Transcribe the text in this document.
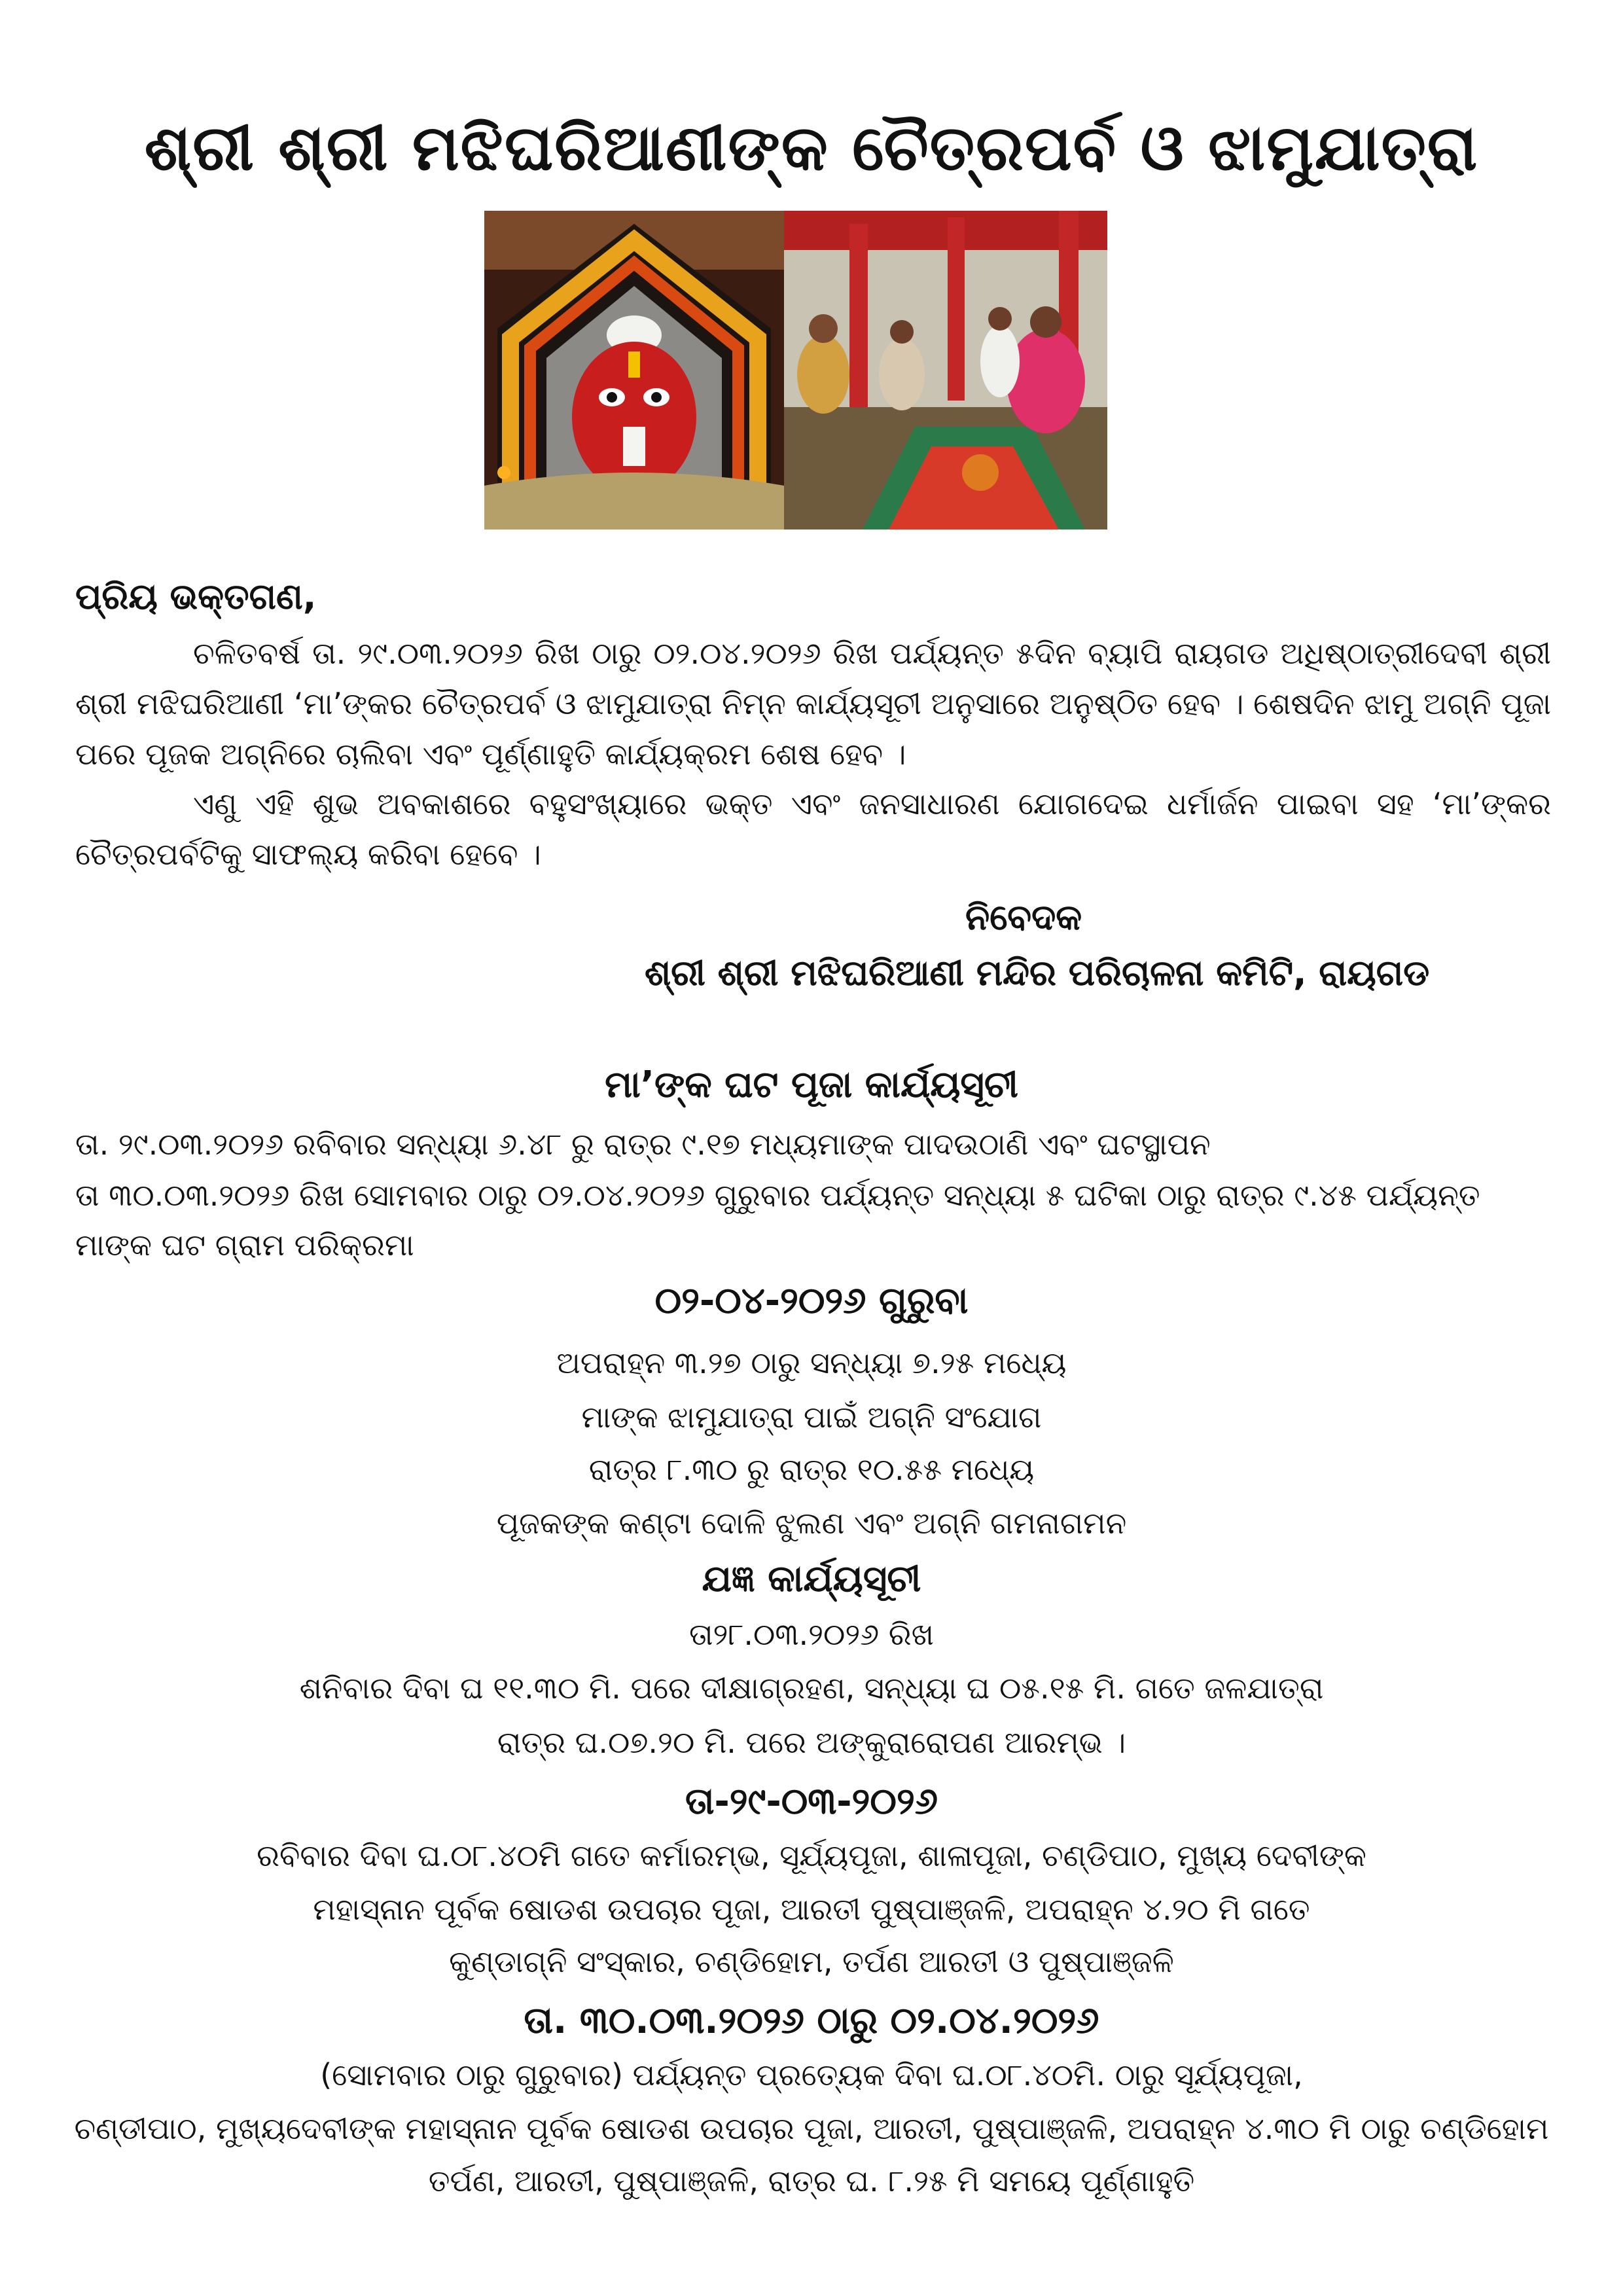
ଶ୍ରୀ ଶ୍ରୀ ମଝିଘରିଆଣୀଙ୍କ ଚୈତ୍ରପର୍ବ ଓ ଝାମୁଯାତ୍ରା
ପ୍ରିୟ ଭକ୍ତଗଣ,
ଚଳିତବର୍ଷ ତା. ୨୯.୦୩.୨୦୨୬ ରିଖ ଠାରୁ ୦୨.୦୪.୨୦୨୬ ରିଖ ପର୍ଯ୍ୟନ୍ତ ୫ଦିନ ବ୍ୟାପି ରାୟଗଡ ଅଧିଷ୍ଠାତ୍ରୀଦେବୀ ଶ୍ରୀ ଶ୍ରୀ ମଝିଘରିଆଣୀ ‘ମା’ଙ୍କର ଚୈତ୍ରପର୍ବ ଓ ଝାମୁଯାତ୍ରା ନିମ୍ନ କାର୍ଯ୍ୟସୂଚୀ ଅନୁସାରେ ଅନୁଷ୍ଠିତ ହେବ । ଶେଷଦିନ ଝାମୁ ଅଗ୍ନି ପୂଜା ପରେ ପୂଜକ ଅଗ୍ନିରେ ଚାଲିବା ଏବଂ ପୂର୍ଣ୍ଣାହୁତି କାର୍ଯ୍ୟକ୍ରମ ଶେଷ ହେବ ।
ଏଣୁ ଏହି ଶୁଭ ଅବକାଶରେ ବହୁସଂଖ୍ୟାରେ ଭକ୍ତ ଏବଂ ଜନସାଧାରଣ ଯୋଗଦେଇ ଧର୍ମାର୍ଜନ ପାଇବା ସହ ‘ମା’ଙ୍କର ଚୈତ୍ରପର୍ବଟିକୁ ସାଫଲ୍ୟ କରିବା ହେବେ ।
ନିବେଦକ
ଶ୍ରୀ ଶ୍ରୀ ମଝିଘରିଆଣୀ ମନ୍ଦିର ପରିଚାଳନା କମିଟି, ରାୟଗଡ
ମା’ଙ୍କ ଘଟ ପୂଜା କାର୍ଯ୍ୟସୂଚୀ
ତା. ୨୯.୦୩.୨୦୨୬ ରବିବାର ସନ୍ଧ୍ୟା ୬.୪୮ ରୁ ରାତ୍ର ୯.୧୭ ମଧ୍ୟମାଙ୍କ ପାଦଉଠାଣି ଏବଂ ଘଟସ୍ଥାପନ
ତା ୩୦.୦୩.୨୦୨୬ ରିଖ ସୋମବାର ଠାରୁ ୦୨.୦୪.୨୦୨୬ ଗୁରୁବାର ପର୍ଯ୍ୟନ୍ତ ସନ୍ଧ୍ୟା ୫ ଘଟିକା ଠାରୁ ରାତ୍ର ୯.୪୫ ପର୍ଯ୍ୟନ୍ତ
ମାଙ୍କ ଘଟ ଗ୍ରାମ ପରିକ୍ରମା
୦୨-୦୪-୨୦୨୬ ଗୁରୁବା
ଅପରାହ୍ନ ୩.୨୭ ଠାରୁ ସନ୍ଧ୍ୟା ୭.୨୫ ମଧ୍ୟେ
ମାଙ୍କ ଝାମୁଯାତ୍ରା ପାଇଁ ଅଗ୍ନି ସଂଯୋଗ
ରାତ୍ର ୮.୩୦ ରୁ ରାତ୍ର ୧୦.୫୫ ମଧ୍ୟେ
ପୂଜକଙ୍କ କଣ୍ଟା ଦୋଳି ଝୁଲଣ ଏବଂ ଅଗ୍ନି ଗମନାଗମନ
ଯଜ୍ଞ କାର୍ଯ୍ୟସୂଚୀ
ତା୨୮.୦୩.୨୦୨୬ ରିଖ
ଶନିବାର ଦିବା ଘ ୧୧.୩୦ ମି. ପରେ ଦୀକ୍ଷାଗ୍ରହଣ, ସନ୍ଧ୍ୟା ଘ ୦୫.୧୫ ମି. ଗତେ ଜଳଯାତ୍ରା
ରାତ୍ର ଘ.୦୭.୨୦ ମି. ପରେ ଅଙ୍କୁରାରୋପଣ ଆରମ୍ଭ ।
ତା-୨୯-୦୩-୨୦୨୬
ରବିବାର ଦିବା ଘ.୦୮.୪୦ମି ଗତେ କର୍ମାରମ୍ଭ, ସୂର୍ଯ୍ୟପୂଜା, ଶାଳାପୂଜା, ଚଣ୍ଡିପାଠ, ମୁଖ୍ୟ ଦେବୀଙ୍କ
ମହାସ୍ନାନ ପୂର୍ବକ ଷୋଡଶ ଉପଚାର ପୂଜା, ଆରତୀ ପୁଷ୍ପାଞ୍ଜଳି, ଅପରାହ୍ନ ୪.୨୦ ମି ଗତେ
କୁଣ୍ଡାଗ୍ନି ସଂସ୍କାର, ଚଣ୍ଡିହୋମ, ତର୍ପଣ ଆରତୀ ଓ ପୁଷ୍ପାଞ୍ଜଳି
ତା. ୩୦.୦୩.୨୦୨୬ ଠାରୁ ୦୨.୦୪.୨୦୨୬
(ସୋମବାର ଠାରୁ ଗୁରୁବାର) ପର୍ଯ୍ୟନ୍ତ ପ୍ରତ୍ୟେକ ଦିବା ଘ.୦୮.୪୦ମି. ଠାରୁ ସୂର୍ଯ୍ୟପୂଜା,
ଚଣ୍ଡୀପାଠ, ମୁଖ୍ୟଦେବୀଙ୍କ ମହାସ୍ନାନ ପୂର୍ବକ ଷୋଡଶ ଉପଚାର ପୂଜା, ଆରତୀ, ପୁଷ୍ପାଞ୍ଜଳି, ଅପରାହ୍ନ ୪.୩୦ ମି ଠାରୁ ଚଣ୍ଡିହୋମ
ତର୍ପଣ, ଆରତୀ, ପୁଷ୍ପାଞ୍ଜଳି, ରାତ୍ର ଘ. ୮.୨୫ ମି ସମୟେ ପୂର୍ଣ୍ଣାହୁତି
